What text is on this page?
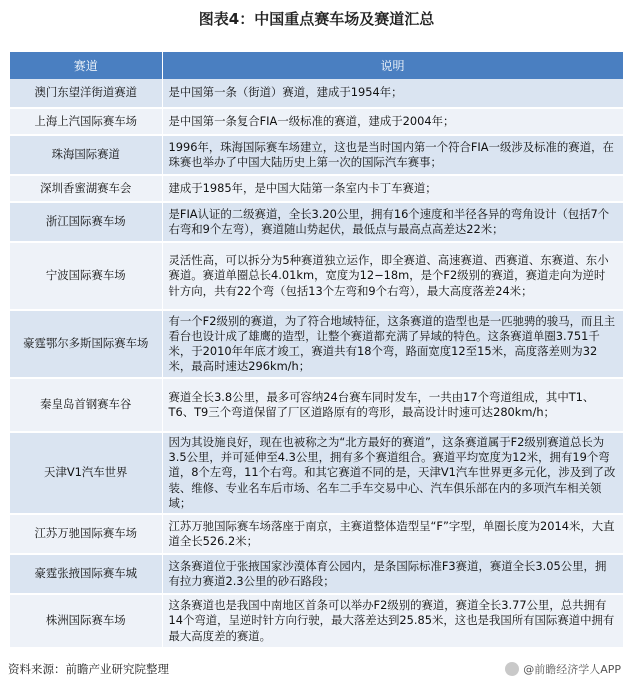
图表4：中国重点赛车场及赛道汇总
赛道	说明
澳门东望洋街道赛道	是中国第一条（街道）赛道，建成于1954年；
上海上汽国际赛车场	是中国第一条复合FIA一级标准的赛道，建成于2004年；
珠海国际赛道	1996年，珠海国际赛车场建立，这也是当时国内第一个符合FIA一级涉及标准的赛道，在珠赛也举办了中国大陆历史上第一次的国际汽车赛事；
深圳香蜜湖赛车会	建成于1985年，是中国大陆第一条室内卡丁车赛道；
浙江国际赛车场	是FIA认证的二级赛道，全长3.20公里，拥有16个速度和半径各异的弯角设计（包括7个右弯和9个左弯），赛道随山势起伏，最低点与最高点高差达22米；
宁波国际赛车场	灵活性高，可以拆分为5种赛道独立运作，即全赛道、高速赛道、西赛道、东赛道、东小赛道。赛道单圈总长4.01km，宽度为12−18m，是个F2级别的赛道，赛道走向为逆时针方向，共有22个弯（包括13个左弯和9个右弯），最大高度落差24米；
豪霆鄂尔多斯国际赛车场	有一个F2级别的赛道，为了符合地域特征，这条赛道的造型也是一匹驰骋的骏马，而且主看台也设计成了雄鹰的造型，让整个赛道都充满了异域的特色。这条赛道单圈3.751千米，于2010年年底才竣工，赛道共有18个弯，路面宽度12至15米，高度落差则为32米，最高时速达296km/h；
秦皇岛首钢赛车谷	赛道全长3.8公里，最多可容纳24台赛车同时发车，一共由17个弯道组成，其中T1、T6、T9三个弯道保留了厂区道路原有的弯形，最高设计时速可达280km/h；
天津V1汽车世界	因为其设施良好，现在也被称之为“北方最好的赛道”，这条赛道属于F2级别赛道总长为3.5公里，并可延伸至4.3公里，拥有多个赛道组合。赛道平均宽度为12米，拥有19个弯道，8个左弯，11个右弯。和其它赛道不同的是，天津V1汽车世界更多元化，涉及到了改装、维修、专业名车后市场、名车二手车交易中心、汽车俱乐部在内的多项汽车相关领域；
江苏万驰国际赛车场	江苏万驰国际赛车场落座于南京，主赛道整体造型呈“F”字型，单圈长度为2014米，大直道全长526.2米；
豪霆张掖国际赛车城	这条赛道位于张掖国家沙漠体育公园内，是条国际标准F3赛道，赛道全长3.05公里，拥有拉力赛道2.3公里的砂石路段；
株洲国际赛车场	这条赛道也是我国中南地区首条可以举办F2级别的赛道，赛道全长3.77公里，总共拥有14个弯道，呈逆时针方向行驶，最大落差达到25.85米，这也是我国所有国际赛道中拥有最大高度差的赛道。
资料来源：前瞻产业研究院整理	@前瞻经济学人APP
